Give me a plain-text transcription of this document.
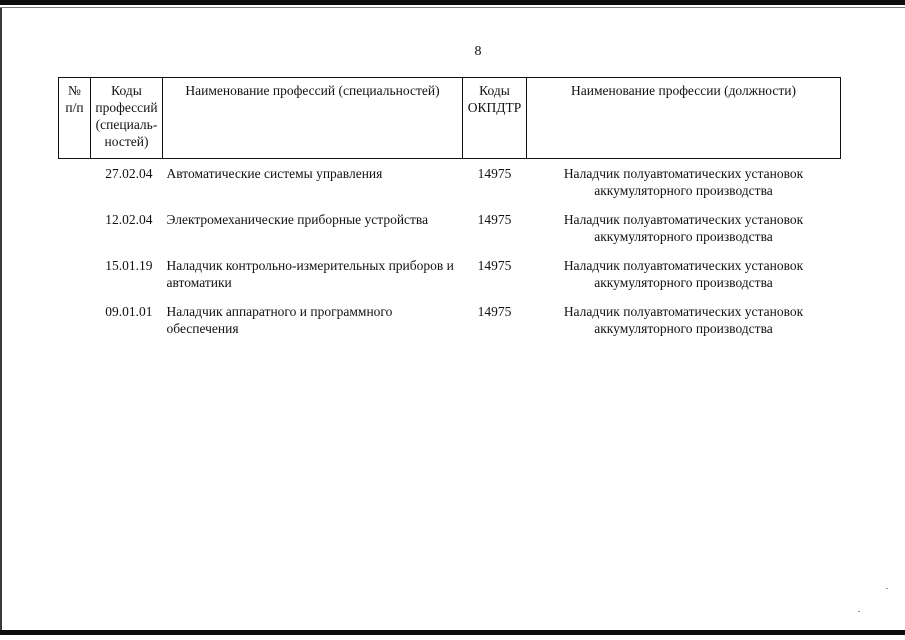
8
№ п/п	Коды профессий (специаль-ностей)	Наименование профессий (специальностей)	Коды ОКПДТР	Наименование профессии (должности)
	27.02.04	Автоматические системы управления	14975	Наладчик полуавтоматических установок аккумуляторного производства
	12.02.04	Электромеханические приборные устройства	14975	Наладчик полуавтоматических установок аккумуляторного производства
	15.01.19	Наладчик контрольно-измерительных приборов и автоматики	14975	Наладчик полуавтоматических установок аккумуляторного производства
	09.01.01	Наладчик аппаратного и программного обеспечения	14975	Наладчик полуавтоматических установок аккумуляторного производства
